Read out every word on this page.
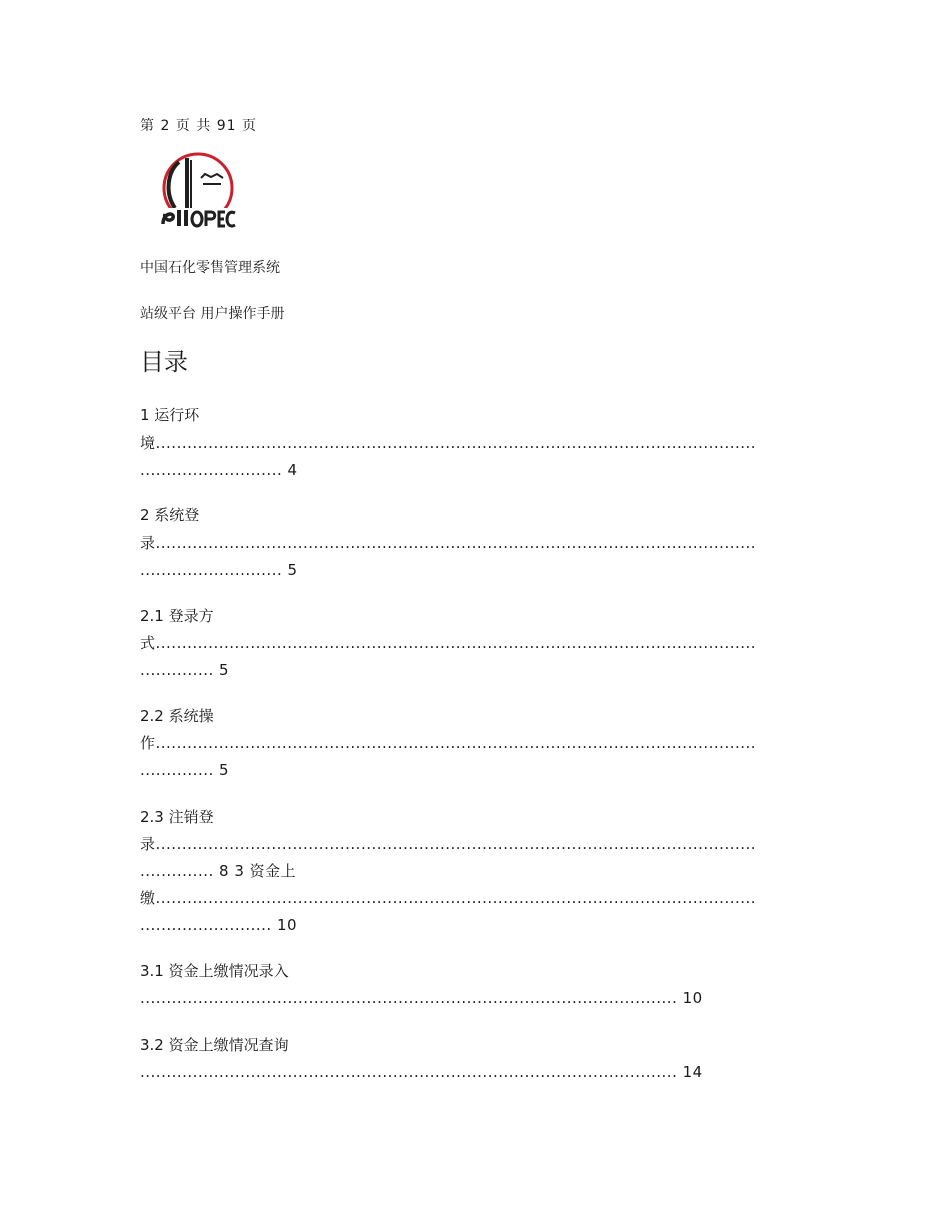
第 2 页 共 91 页
中国石化零售管理系统
站级平台 用户操作手册
目录
1 运行环
境..................................................................................................................
........................... 4
2 系统登
录..................................................................................................................
........................... 5
2.1 登录方
式..................................................................................................................
.............. 5
2.2 系统操
作..................................................................................................................
.............. 5
2.3 注销登
录..................................................................................................................
.............. 8 3 资金上
缴..................................................................................................................
......................... 10
3.1 资金上缴情况录入
...................................................................................................... 10
3.2 资金上缴情况查询
...................................................................................................... 14
